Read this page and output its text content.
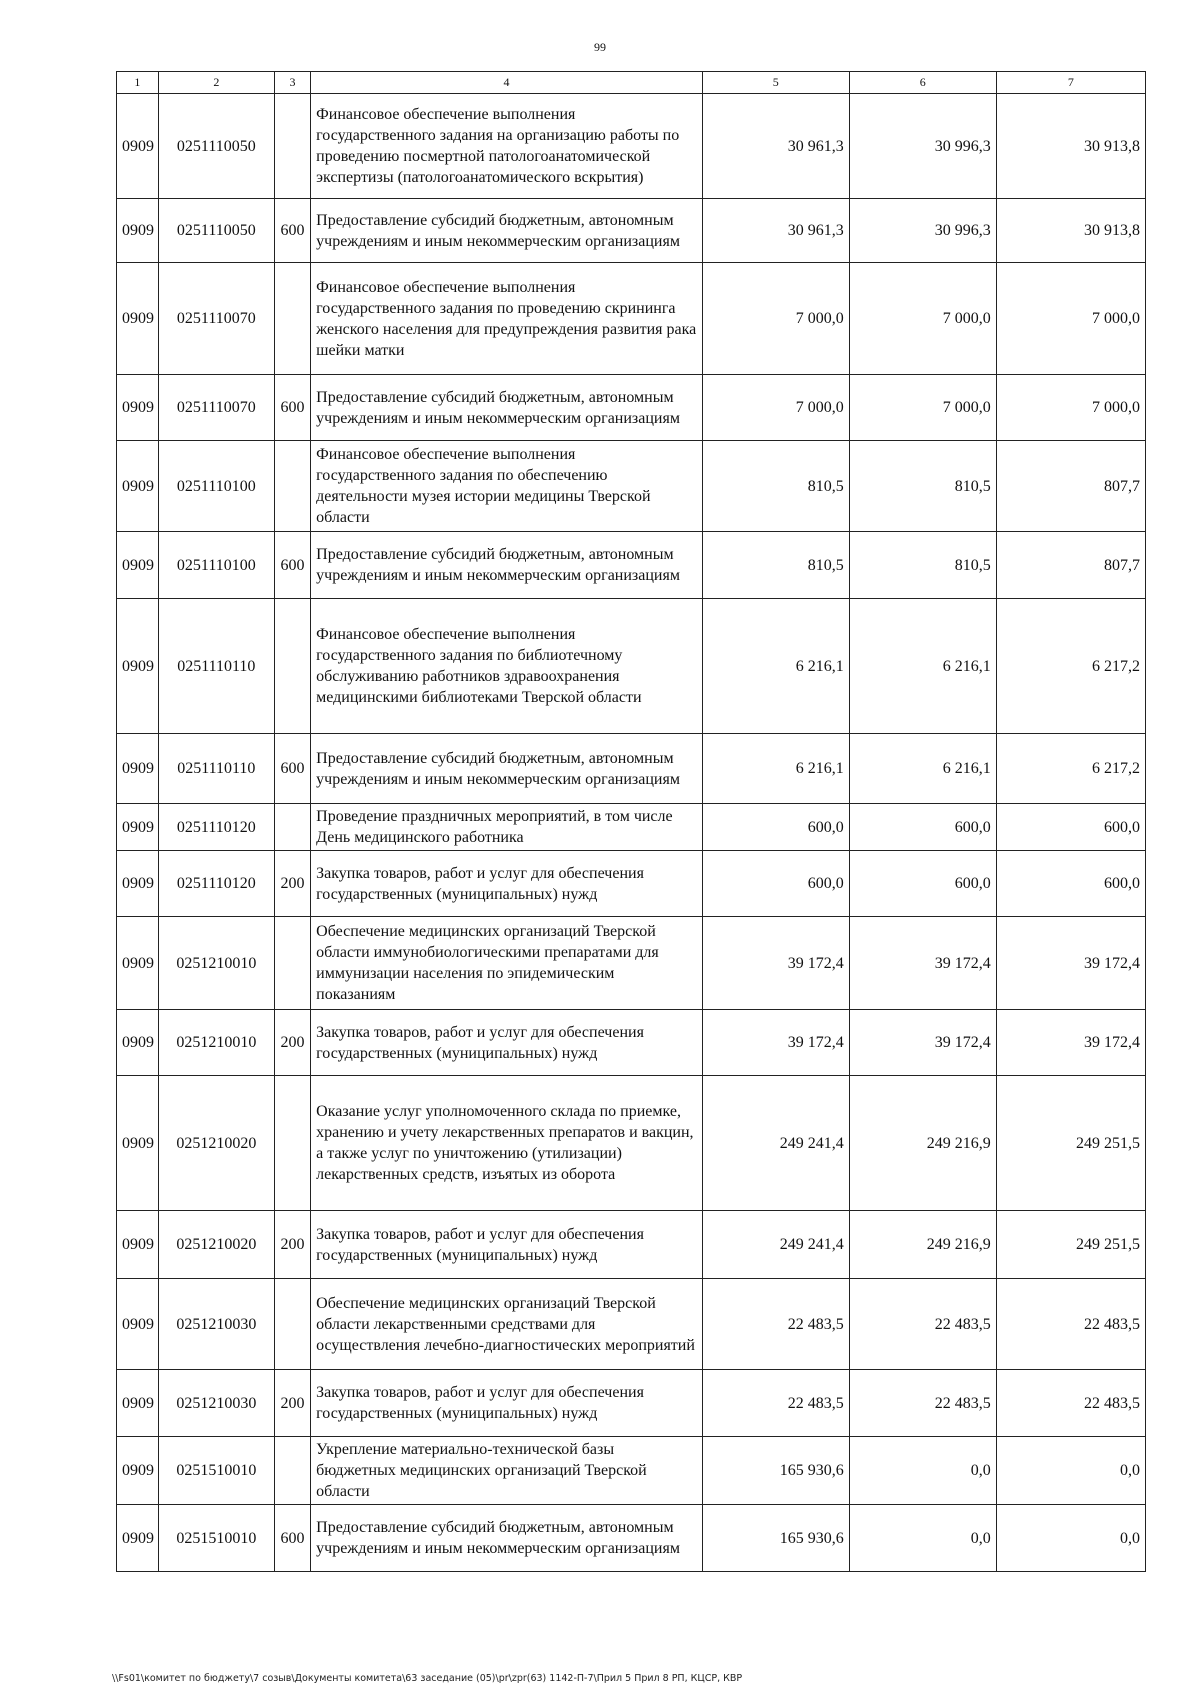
99
1	2	3	4	5	6	7
0909	0251110050		Финансовое обеспечение выполнения государственного задания на организацию работы по проведению посмертной патологоанатомической экспертизы (патологоанатомического вскрытия)	30 961,3	30 996,3	30 913,8
0909	0251110050	600	Предоставление субсидий бюджетным, автономным учреждениям и иным некоммерческим организациям	30 961,3	30 996,3	30 913,8
0909	0251110070		Финансовое обеспечение выполнения государственного задания по проведению скрининга женского населения для предупреждения развития рака шейки матки	7 000,0	7 000,0	7 000,0
0909	0251110070	600	Предоставление субсидий бюджетным, автономным учреждениям и иным некоммерческим организациям	7 000,0	7 000,0	7 000,0
0909	0251110100		Финансовое обеспечение выполнения государственного задания по обеспечению деятельности музея истории медицины Тверской области	810,5	810,5	807,7
0909	0251110100	600	Предоставление субсидий бюджетным, автономным учреждениям и иным некоммерческим организациям	810,5	810,5	807,7
0909	0251110110		Финансовое обеспечение выполнения государственного задания по библиотечному обслуживанию работников здравоохранения медицинскими библиотеками Тверской области	6 216,1	6 216,1	6 217,2
0909	0251110110	600	Предоставление субсидий бюджетным, автономным учреждениям и иным некоммерческим организациям	6 216,1	6 216,1	6 217,2
0909	0251110120		Проведение праздничных мероприятий, в том числе День медицинского работника	600,0	600,0	600,0
0909	0251110120	200	Закупка товаров, работ и услуг для обеспечения государственных (муниципальных) нужд	600,0	600,0	600,0
0909	0251210010		Обеспечение медицинских организаций Тверской области иммунобиологическими препаратами для иммунизации населения по эпидемическим показаниям	39 172,4	39 172,4	39 172,4
0909	0251210010	200	Закупка товаров, работ и услуг для обеспечения государственных (муниципальных) нужд	39 172,4	39 172,4	39 172,4
0909	0251210020		Оказание услуг уполномоченного склада по приемке, хранению и учету лекарственных препаратов и вакцин, а также услуг по уничтожению (утилизации) лекарственных средств, изъятых из оборота	249 241,4	249 216,9	249 251,5
0909	0251210020	200	Закупка товаров, работ и услуг для обеспечения государственных (муниципальных) нужд	249 241,4	249 216,9	249 251,5
0909	0251210030		Обеспечение медицинских организаций Тверской области лекарственными средствами для осуществления лечебно-диагностических мероприятий	22 483,5	22 483,5	22 483,5
0909	0251210030	200	Закупка товаров, работ и услуг для обеспечения государственных (муниципальных) нужд	22 483,5	22 483,5	22 483,5
0909	0251510010		Укрепление материально-технической базы бюджетных медицинских организаций Тверской области	165 930,6	0,0	0,0
0909	0251510010	600	Предоставление субсидий бюджетным, автономным учреждениям и иным некоммерческим организациям	165 930,6	0,0	0,0
\\Fs01\комитет по бюджету\7 созыв\Документы комитета\63 заседание (05)\pr\zpr(63) 1142-П-7\Прил 5 Прил 8 РП, КЦСР, КВР
